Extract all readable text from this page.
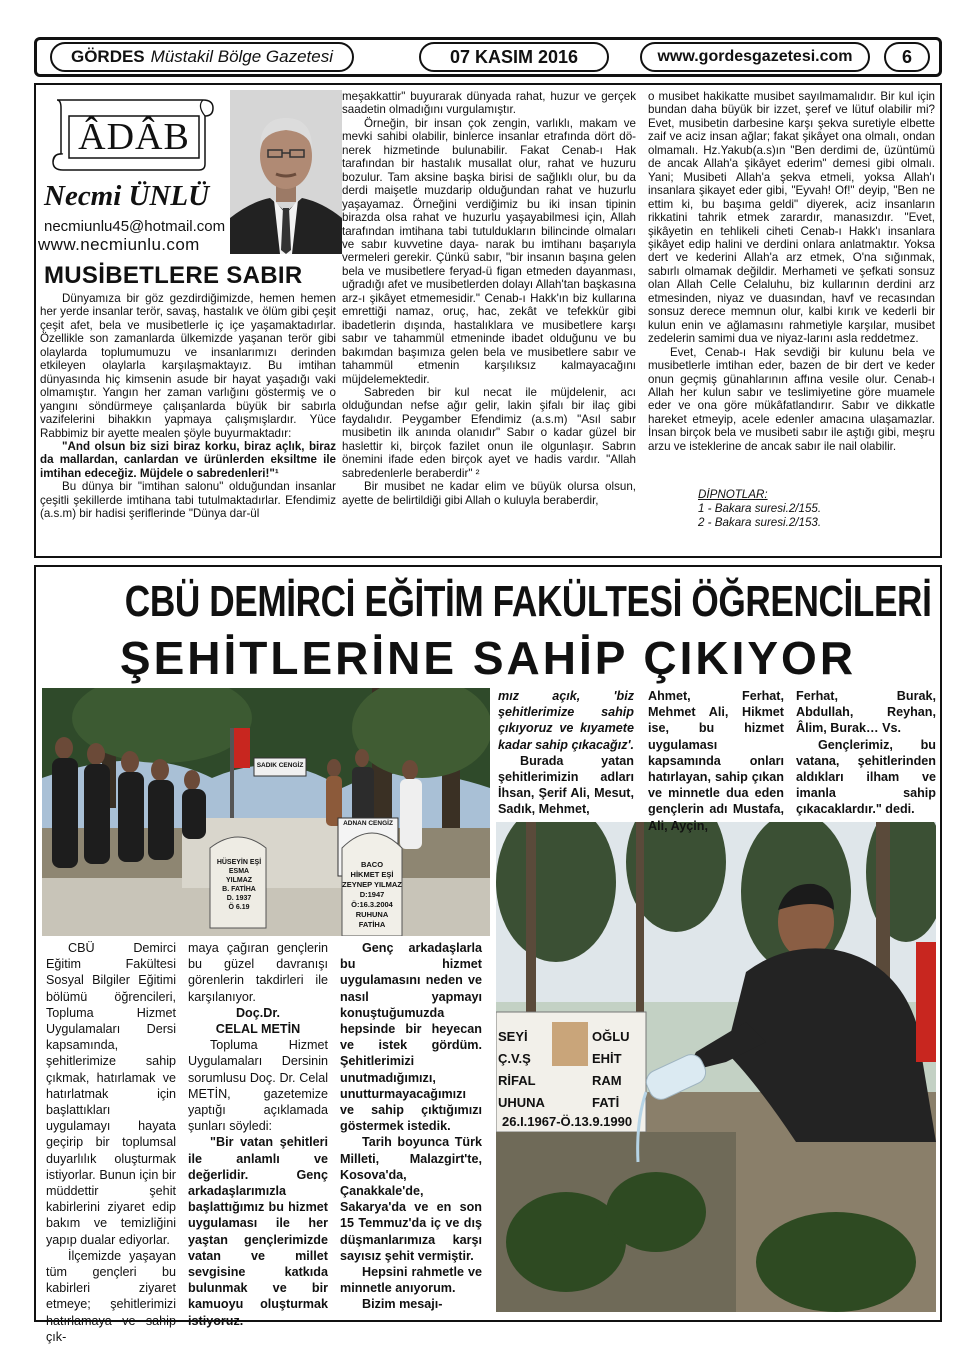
GÖRDES Müstakil Bölge Gazetesi	07 KASIM 2016	www.gordesgazetesi.com	6
ÂDÂB
Necmi ÜNLÜ
necmiunlu45@hotmail.com
www.necmiunlu.com
MUSİBETLERE SABIR

Dünyamıza bir göz gezdirdiğimizde, hemen hemen her yerde insanlar terör, savaş, hastalık ve ölüm gibi çeşit çeşit afet, bela ve musibetlerle iç içe yaşamaktadırlar. Özellikle son zamanlarda ülkemizde yaşanan terör gibi olaylarda toplumumuzu ve insanlarımızı derinden etkileyen olaylarla karşılaşmaktayız. Bu imtihan dünyasında hiç kimsenin asude bir hayat yaşadığı vaki olmamıştır. Yangın her zaman varlığını göstermiş ve o yangını söndürmeye çalışanlarda büyük bir sabırla vazifelerini bihakkın yapmaya çalışmışlardır. Yüce Rabbimiz bir ayette mealen şöyle buyurmaktadır:

"And olsun biz sizi biraz korku, biraz açlık, biraz da mallardan, canlardan ve ürünlerden eksiltme ile imtihan edeceğiz. Müjdele o sabredenleri!"¹

Bu dünya bir "imtihan salonu" olduğundan insanlar çeşitli şekillerde imtihana tabi tutulmaktadırlar. Efendimiz (a.s.m) bir hadisi şeriflerinde "Dünya dar-ül

meşakkattir" buyurarak dünyada rahat, huzur ve gerçek saadetin olmadığını vurgulamıştır.

Örneğin, bir insan çok zengin, varlıklı, makam ve mevki sahibi olabilir, binlerce insanlar etrafında dört dö-nerek hizmetinde bulunabilir. Fakat Cenab-ı Hak tarafından bir hastalık musallat olur, rahat ve huzuru bozulur. Tam aksine başka birisi de sağlıklı olur, bu da derdi maişetle muzdarip olduğundan rahat ve huzurlu yaşayamaz. Örneğini verdiğimiz bu iki insan tipinin birazda olsa rahat ve huzurlu yaşayabilmesi için, Allah tarafından imtihana tabi tutuldukların bilincinde olmaları ve sabır kuvvetine daya- narak bu imtihanı başarıyla vermeleri gerekir. Çünkü sabır, "bir insanın başına gelen bela ve musibetlere feryad-ü figan etmeden dayanması, uğradığı afet ve musibetlerden dolayı Allah'tan başkasına arz-ı şikâyet etmemesidir." Cenab-ı Hakk'ın biz kullarına emrettiği namaz, oruç, hac, zekât ve tefekkür gibi ibadetlerin dışında, hastalıklara ve musibetlere karşı sabır ve tahammül etmeninde ibadet olduğunu ve bu bakımdan başımıza gelen bela ve musibetlere sabır ve tahammül etmenin karşılıksız kalmayacağını müjdelemektedir.

Sabreden bir kul necat ile müjdelenir, acı olduğundan nefse ağır gelir, lakin şifalı bir ilaç gibi faydalıdır. Peygamber Efendimiz (a.s.m) "Asıl sabır musibetin ilk anında olanıdır" Sabır o kadar güzel bir haslettir ki, birçok fazilet onun ile olgunlaşır. Sabrın önemini ifade eden birçok ayet ve hadis vardır. "Allah sabredenlerle beraberdir" ²

Bir musibet ne kadar elim ve büyük olursa olsun, ayette de belirtildiği gibi Allah o kuluyla beraberdir,

o musibet hakikatte musibet sayılmamalıdır. Bir kul için bundan daha büyük bir izzet, şeref ve lütuf olabilir mi? Evet, musibetin darbesine karşı şekva suretiyle elbette zaif ve aciz insan ağlar; fakat şikâyet ona olmalı, ondan olmamalı. Hz.Yakub(a.s)ın "Ben derdimi de, üzüntümü de ancak Allah'a şikâyet ederim" demesi gibi olmalı. Yani; Musibeti Allah'a şekva etmeli, yoksa Allah'ı insanlara şikayet eder gibi, "Eyvah! Of!" deyip, "Ben ne ettim ki, bu başıma geldi" diyerek, aciz insanların rikkatini tahrik etmek zarardır, manasızdır. "Evet, şikâyetin en tehlikeli ciheti Cenab-ı Hakk'ı insanlara şikâyet edip halini ve derdini onlara anlatmaktır. Yoksa dert ve kederini Allah'a arz etmek, O'na sığınmak, sabırlı olmamak değildir. Merhameti ve şefkati sonsuz olan Allah Celle Celaluhu, biz kullarının derdini arz etmesinden, niyaz ve duasından, havf ve recasından sonsuz derece memnun olur, kalbi kırık ve kederli bir kulun enin ve ağlamasını rahmetiyle karşılar, musibet zedelerin samimi dua ve niyaz-larını asla reddetmez.

Evet, Cenab-ı Hak sevdiği bir kulunu bela ve musibetlerle imtihan eder, bazen de bir dert ve keder onun geçmiş günahlarının affına vesile olur. Cenab-ı Allah her kulun sabır ve teslimiyetine göre muamele eder ve ona göre mükâfatlandırır. Sabır ve dikkatle hareket etmeyip, acele edenler amacına ulaşamazlar. İnsan birçok bela ve musibeti sabır ile aştığı gibi, meşru arzu ve isteklerine de ancak sabır ile nail olabilir.

DİPNOTLAR:
1 - Bakara suresi.2/155.
2 - Bakara suresi.2/153.
CBÜ DEMİRCİ EĞİTİM FAKÜLTESİ ÖĞRENCİLERİ
ŞEHİTLERİNE SAHİP ÇIKIYOR
SADIK CENGİZ
ADNAN CENGİZ
HÜSEYİN EŞİ
ESMA
YILMAZ
B. FATİHA
D. 1937
Ö 6.19
BACO
HİKMET EŞİ
ZEYNEP YILMAZ
D:1947
Ö:16.3.2004
RUHUNA FATİHA
SEYİ
Ç.V.Ş
RİFAL
UHUNA
OĞLU
EHİT
RAM
FATİ
26.I.1967-Ö.13.9.1990

CBÜ Demirci Eğitim Fakültesi Sosyal Bilgiler Eğitimi bölümü öğrencileri, Topluma Hizmet Uygulamaları Dersi kapsamında, şehitlerimize sahip çıkmak, hatırlamak ve hatırlatmak için başlattıkları uygulamayı hayata geçirip bir toplumsal duyarlılık oluşturmak istiyorlar. Bunun için bir müddettir şehit kabirlerini ziyaret edip bakım ve temizliğini yapıp dualar ediyorlar.

İlçemizde yaşayan tüm gençleri bu kabirleri ziyaret etmeye; şehitlerimizi hatırlamaya ve sahip çık-

maya çağıran gençlerin bu güzel davranışı görenlerin takdirleri ile karşılanıyor.

Doç.Dr.

CELAL METİN

Topluma Hizmet Uygulamaları Dersinin sorumlusu Doç. Dr. Celal METİN, gazetemize yaptığı açıklamada şunları söyledi:

"Bir vatan şehitleri ile anlamlı ve değerlidir. Genç arkadaşlarımızla başlattığımız bu hizmet uygulaması ile her yaştan gençlerimizde vatan ve millet sevgisine katkıda bulunmak ve bir kamuoyu oluşturmak istiyoruz.

Genç arkadaşlarla bu hizmet uygulamasını neden ve nasıl yapmayı konuştuğumuzda hepsinde bir heyecan ve istek gördüm. Şehitlerimizi unutmadığımızı, unutturmayacağımızı ve sahip çıktığımızı göstermek istedik.

Tarih boyunca Türk Milleti, Malazgirt'te, Kosova'da, Çanakkale'de, Sakarya'da ve en son 15 Temmuz'da iç ve dış düşmanlarımıza karşı sayısız şehit vermiştir.

Hepsini rahmetle ve minnetle anıyorum.

Bizim mesajı-

mız açık, 'biz şehitlerimize sahip çıkıyoruz ve kıyamete kadar sahip çıkacağız'.

Burada yatan şehitlerimizin adları İhsan, Şerif Ali, Mesut, Sadık, Mehmet,

Ahmet, Ferhat, Mehmet Ali, Hikmet ise, bu hizmet uygulaması kapsamında onları hatırlayan, sahip çıkan ve minnetle dua eden gençlerin adı Mustafa, Ali, Ayçin,

Ferhat, Burak, Abdullah, Reyhan, Âlim, Burak… Vs.

Gençlerimiz, bu vatana, şehitlerinden aldıkları ilham ve imanla sahip çıkacaklardır." dedi.
